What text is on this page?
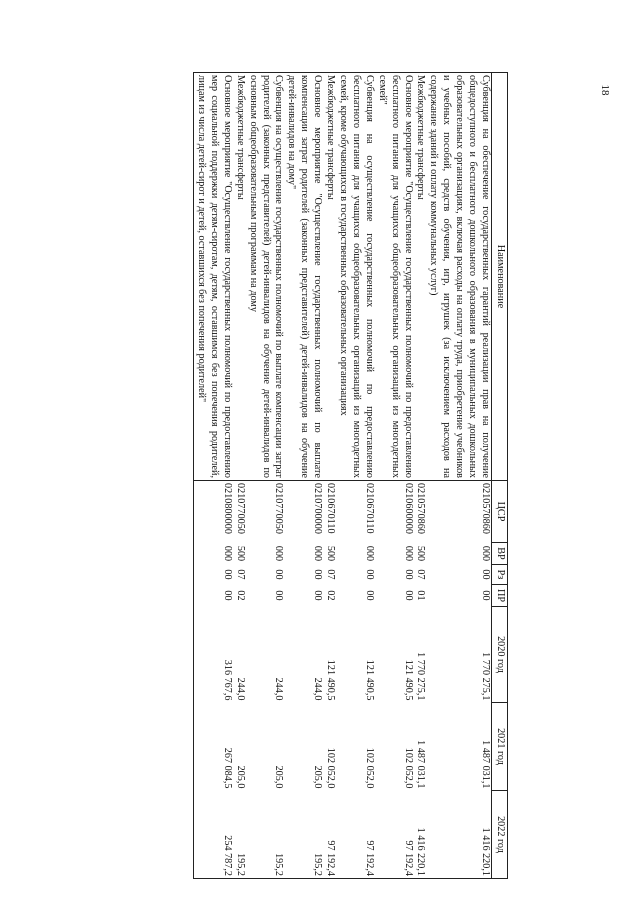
18
Наименование	ЦСР	ВР	Рз	ПР	2020 год	2021 год	2022 год
Субвенция на обеспечение государственных гарантий реализации прав на получение общедоступного и бесплатного дошкольного образования в муниципальных дошкольных образовательных организациях, включая расходы на оплату труда, приобретение учебников и учебных пособий, средств обучения, игр, игрушек (за исключением расходов на содержание зданий и оплату коммунальных услуг)	0210570860	000	00	00	1 770 275,1	1 487 031,1	1 416 220,1
Межбюджетные трансферты	0210570860	500	07	01	1 770 275,1	1 487 031,1	1 416 220,1
Основное мероприятие "Осуществление государственных полномочий по предоставлению бесплатного питания для учащихся общеобразовательных организаций из многодетных семей"	0210600000	000	00	00	121 490,5	102 052,0	97 192,4
Субвенция на осуществление государственных полномочий по предоставлению бесплатного питания для учащихся общеобразовательных организаций из многодетных семей, кроме обучающихся в государственных образовательных организациях	0210670110	000	00	00	121 490,5	102 052,0	97 192,4
Межбюджетные трансферты	0210670110	500	07	02	121 490,5	102 052,0	97 192,4
Основное мероприятие "Осуществление государственных полномочий по выплате компенсации затрат родителей (законных представителей) детей-инвалидов на обучение детей-инвалидов на дому"	0210700000	000	00	00	244,0	205,0	195,2
Субвенция на осуществление государственных полномочий по выплате компенсации затрат родителей (законных представителей) детей-инвалидов на обучение детей-инвалидов по основным общеобразовательным программам на дому	0210770050	000	00	00	244,0	205,0	195,2
Межбюджетные трансферты	0210770050	500	07	02	244,0	205,0	195,2
Основное мероприятие "Осуществление государственных полномочий по предоставлению мер социальной поддержки детям-сиротам, детям, оставшимся без попечения родителей, лицам из числа детей-сирот и детей, оставшихся без попечения родителей"	0210800000	000	00	00	316 767,6	267 084,5	254 787,2
